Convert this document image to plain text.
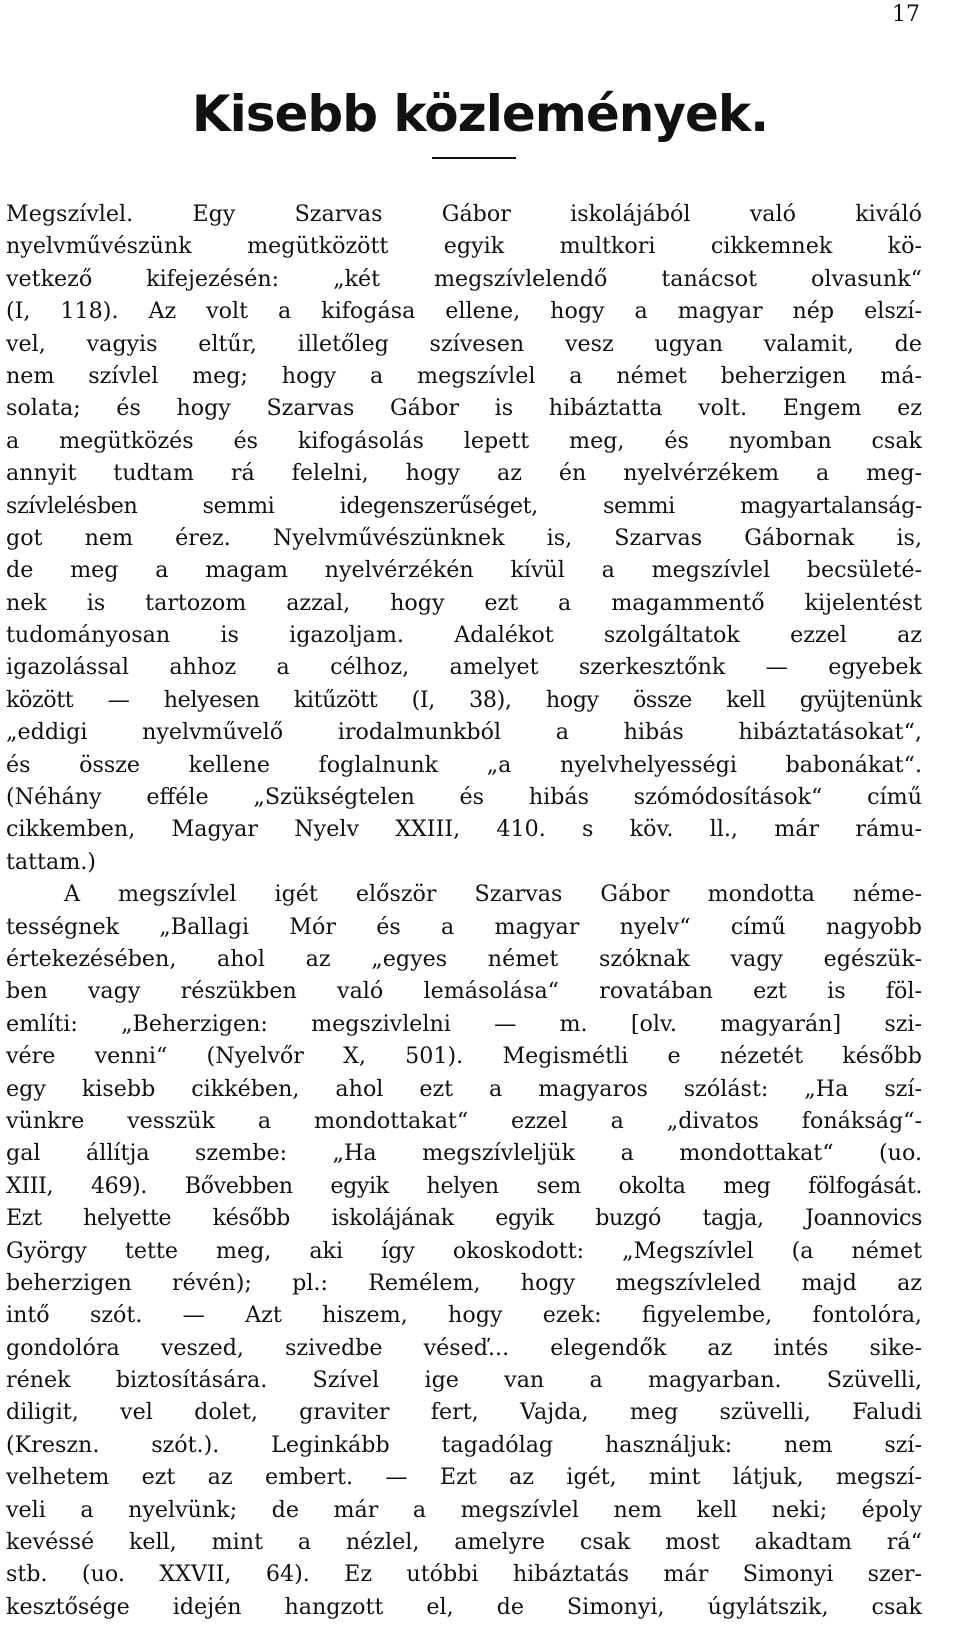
17
Kisebb közlemények.
Megszívlel. Egy Szarvas Gábor iskolájából való kiváló
nyelvművészünk megütközött egyik multkori cikkemnek kö-
vetkező kifejezésén: „két megszívlelendő tanácsot olvasunk“
(I, 118). Az volt a kifogása ellene, hogy a magyar nép elszí-
vel, vagyis eltűr, illetőleg szívesen vesz ugyan valamit, de
nem szívlel meg; hogy a megszívlel a német beherzigen má-
solata; és hogy Szarvas Gábor is hibáztatta volt. Engem ez
a megütközés és kifogásolás lepett meg, és nyomban csak
annyit tudtam rá felelni, hogy az én nyelvérzékem a meg-
szívlelésben semmi idegenszerűséget, semmi magyartalanság-
got nem érez. Nyelvművészünknek is, Szarvas Gábornak is,
de meg a magam nyelvérzékén kívül a megszívlel becsületé-
nek is tartozom azzal, hogy ezt a magammentő kijelentést
tudományosan is igazoljam. Adalékot szolgáltatok ezzel az
igazolással ahhoz a célhoz, amelyet szerkesztőnk — egyebek
között — helyesen kitűzött (I, 38), hogy össze kell gyüjtenünk
„eddigi nyelvművelő irodalmunkból a hibás hibáztatásokat“,
és össze kellene foglalnunk „a nyelvhelyességi babonákat“.
(Néhány efféle „Szükségtelen és hibás szómódosítások“ című
cikkemben, Magyar Nyelv XXIII, 410. s köv. ll., már rámu-
tattam.)
A megszívlel igét először Szarvas Gábor mondotta néme-
tességnek „Ballagi Mór és a magyar nyelv“ című nagyobb
értekezésében, ahol az „egyes német szóknak vagy egészük-
ben vagy részükben való lemásolása“ rovatában ezt is föl-
említi: „Beherzigen: megszivlelni — m. [olv. magyarán] szi-
vére venni“ (Nyelvőr X, 501). Megismétli e nézetét később
egy kisebb cikkében, ahol ezt a magyaros szólást: „Ha szí-
vünkre vesszük a mondottakat“ ezzel a „divatos fonákság“-
gal állítja szembe: „Ha megszívleljük a mondottakat“ (uo.
XIII, 469). Bővebben egyik helyen sem okolta meg fölfogását.
Ezt helyette később iskolájának egyik buzgó tagja, Joannovics
György tette meg, aki így okoskodott: „Megszívlel (a német
beherzigen révén); pl.: Remélem, hogy megszívleled majd az
intő szót. — Azt hiszem, hogy ezek: figyelembe, fontolóra,
gondolóra veszed, szivedbe véseď... elegendők az intés sike-
rének biztosítására. Szível ige van a magyarban. Szüvelli,
diligit, vel dolet, graviter fert, Vajda, meg szüvelli, Faludi
(Kreszn. szót.). Leginkább tagadólag használjuk: nem szí-
velhetem ezt az embert. — Ezt az igét, mint látjuk, megszí-
veli a nyelvünk; de már a megszívlel nem kell neki; époly
kevéssé kell, mint a nézlel, amelyre csak most akadtam rá“
stb. (uo. XXVII, 64). Ez utóbbi hibáztatás már Simonyi szer-
kesztősége idején hangzott el, de Simonyi, úgylátszik, csak
